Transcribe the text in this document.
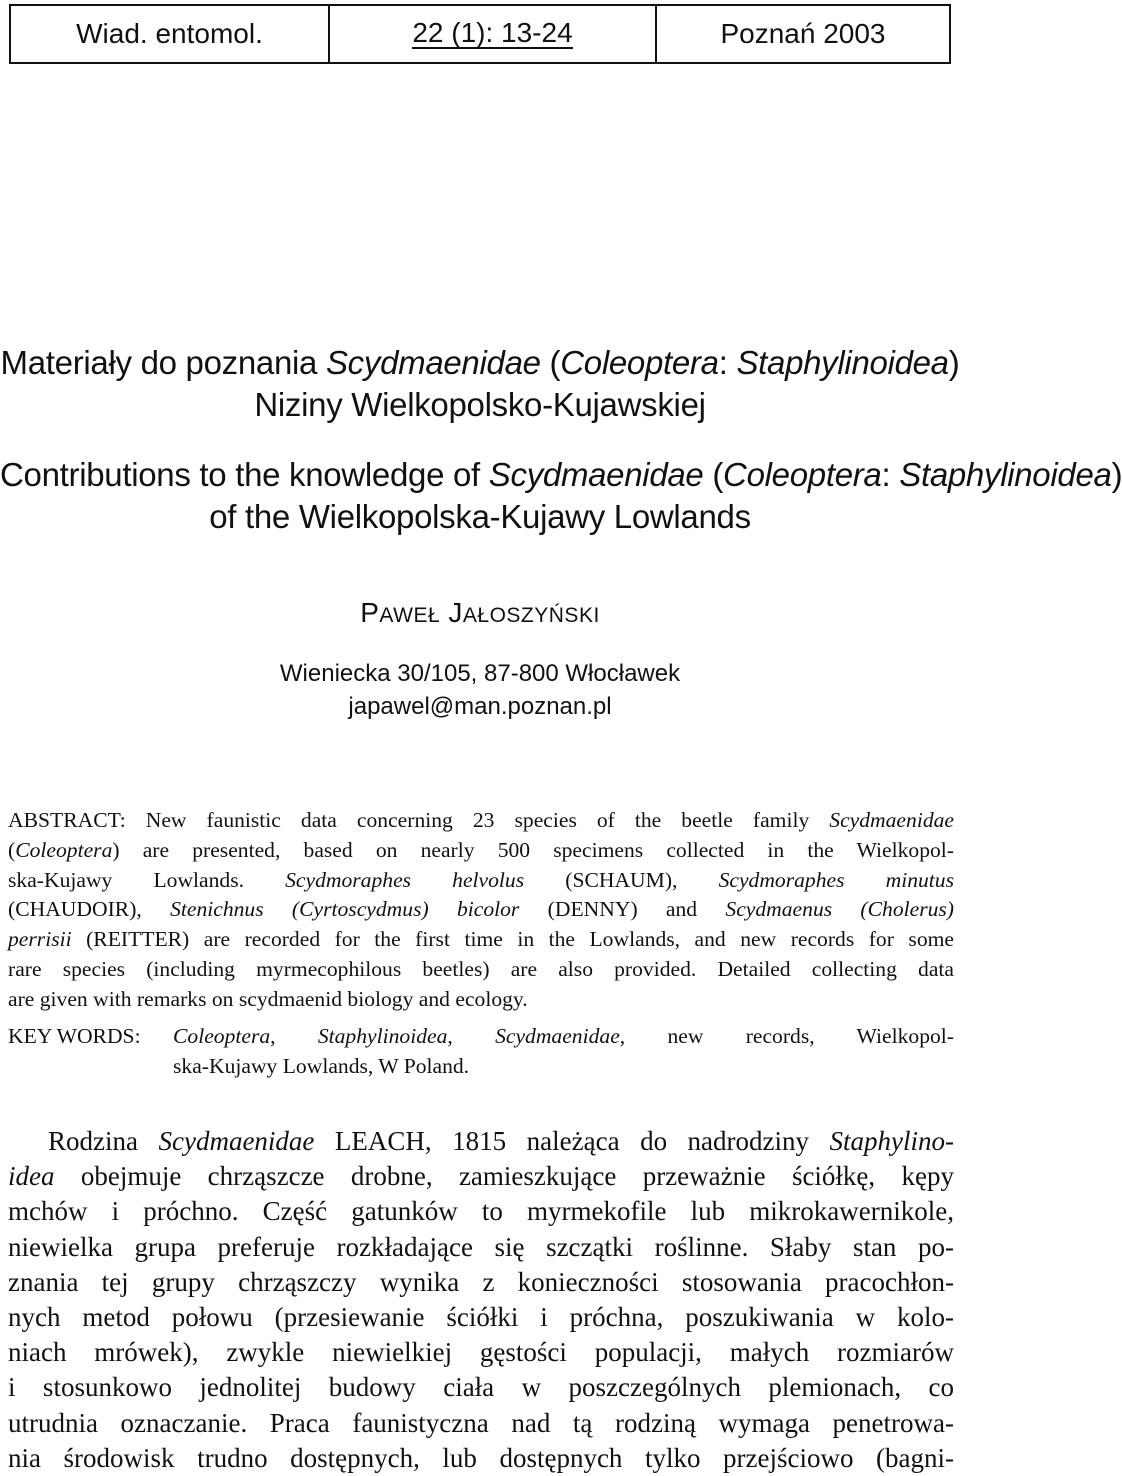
Wiad. entomol.	22 (1): 13-24	Poznań 2003
Materiały do poznania Scydmaenidae (Coleoptera: Staphylinoidea)
Niziny Wielkopolsko-Kujawskiej
Contributions to the knowledge of Scydmaenidae (Coleoptera: Staphylinoidea)
of the Wielkopolska-Kujawy Lowlands
PAWEŁ JAŁOSZYŃSKI
Wieniecka 30/105, 87-800 Włocławek
japawel@man.poznan.pl
ABSTRACT: New faunistic data concerning 23 species of the beetle family Scydmaenidae
(Coleoptera) are presented, based on nearly 500 specimens collected in the Wielkopol-
ska-Kujawy Lowlands. Scydmoraphes helvolus (SCHAUM), Scydmoraphes minutus
(CHAUDOIR), Stenichnus (Cyrtoscydmus) bicolor (DENNY) and Scydmaenus (Cholerus)
perrisii (REITTER) are recorded for the first time in the Lowlands, and new records for some
rare species (including myrmecophilous beetles) are also provided. Detailed collecting data
are given with remarks on scydmaenid biology and ecology.
KEY WORDS: Coleoptera, Staphylinoidea, Scydmaenidae, new records, Wielkopol-
ska-Kujawy Lowlands, W Poland.
Rodzina Scydmaenidae LEACH, 1815 należąca do nadrodziny Staphylino-
idea obejmuje chrząszcze drobne, zamieszkujące przeważnie ściółkę, kępy
mchów i próchno. Część gatunków to myrmekofile lub mikrokawernikole,
niewielka grupa preferuje rozkładające się szczątki roślinne. Słaby stan po-
znania tej grupy chrząszczy wynika z konieczności stosowania pracochłon-
nych metod połowu (przesiewanie ściółki i próchna, poszukiwania w kolo-
niach mrówek), zwykle niewielkiej gęstości populacji, małych rozmiarów
i stosunkowo jednolitej budowy ciała w poszczególnych plemionach, co
utrudnia oznaczanie. Praca faunistyczna nad tą rodziną wymaga penetrowa-
nia środowisk trudno dostępnych, lub dostępnych tylko przejściowo (bagni-
